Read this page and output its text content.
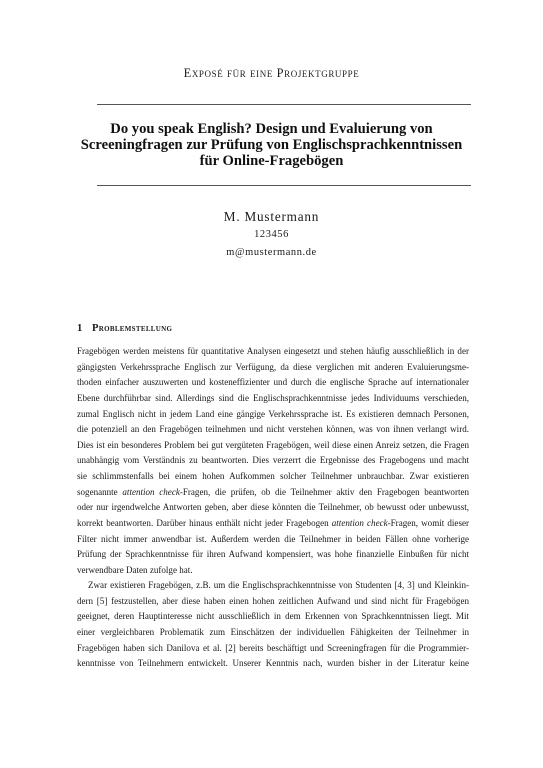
Exposé für eine Projektgruppe
Do you speak English? Design und Evaluierung von
Screeningfragen zur Prüfung von Englischsprachkenntnissen
für Online-Fragebögen
M. Mustermann
123456
m@mustermann.de
1 Problemstellung
Fragebögen werden meistens für quantitative Analysen eingesetzt und stehen häufig ausschließlich in der
gängigsten Verkehrssprache Englisch zur Verfügung, da diese verglichen mit anderen Evaluierungsme-
thoden einfacher auszuwerten und kosteneffizienter und durch die englische Sprache auf internationaler
Ebene durchführbar sind. Allerdings sind die Englischsprachkenntnisse jedes Individuums verschieden,
zumal Englisch nicht in jedem Land eine gängige Verkehrssprache ist. Es existieren demnach Personen,
die potenziell an den Fragebögen teilnehmen und nicht verstehen können, was von ihnen verlangt wird.
Dies ist ein besonderes Problem bei gut vergüteten Fragebögen, weil diese einen Anreiz setzen, die Fragen
unabhängig vom Verständnis zu beantworten. Dies verzerrt die Ergebnisse des Fragebogens und macht
sie schlimmstenfalls bei einem hohen Aufkommen solcher Teilnehmer unbrauchbar. Zwar existieren
sogenannte attention check-Fragen, die prüfen, ob die Teilnehmer aktiv den Fragebogen beantworten
oder nur irgendwelche Antworten geben, aber diese könnten die Teilnehmer, ob bewusst oder unbewusst,
korrekt beantworten. Darüber hinaus enthält nicht jeder Fragebogen attention check-Fragen, womit dieser
Filter nicht immer anwendbar ist. Außerdem werden die Teilnehmer in beiden Fällen ohne vorherige
Prüfung der Sprachkenntnisse für ihren Aufwand kompensiert, was hohe finanzielle Einbußen für nicht
verwendbare Daten zufolge hat.
Zwar existieren Fragebögen, z.B. um die Englischsprachkenntnisse von Studenten [4, 3] und Kleinkin-
dern [5] festzustellen, aber diese haben einen hohen zeitlichen Aufwand und sind nicht für Fragebögen
geeignet, deren Hauptinteresse nicht ausschließlich in dem Erkennen von Sprachkenntnissen liegt. Mit
einer vergleichbaren Problematik zum Einschätzen der individuellen Fähigkeiten der Teilnehmer in
Fragebögen haben sich Danilova et al. [2] bereits beschäftigt und Screeningfragen für die Programmier-
kenntnisse von Teilnehmern entwickelt. Unserer Kenntnis nach, wurden bisher in der Literatur keine
